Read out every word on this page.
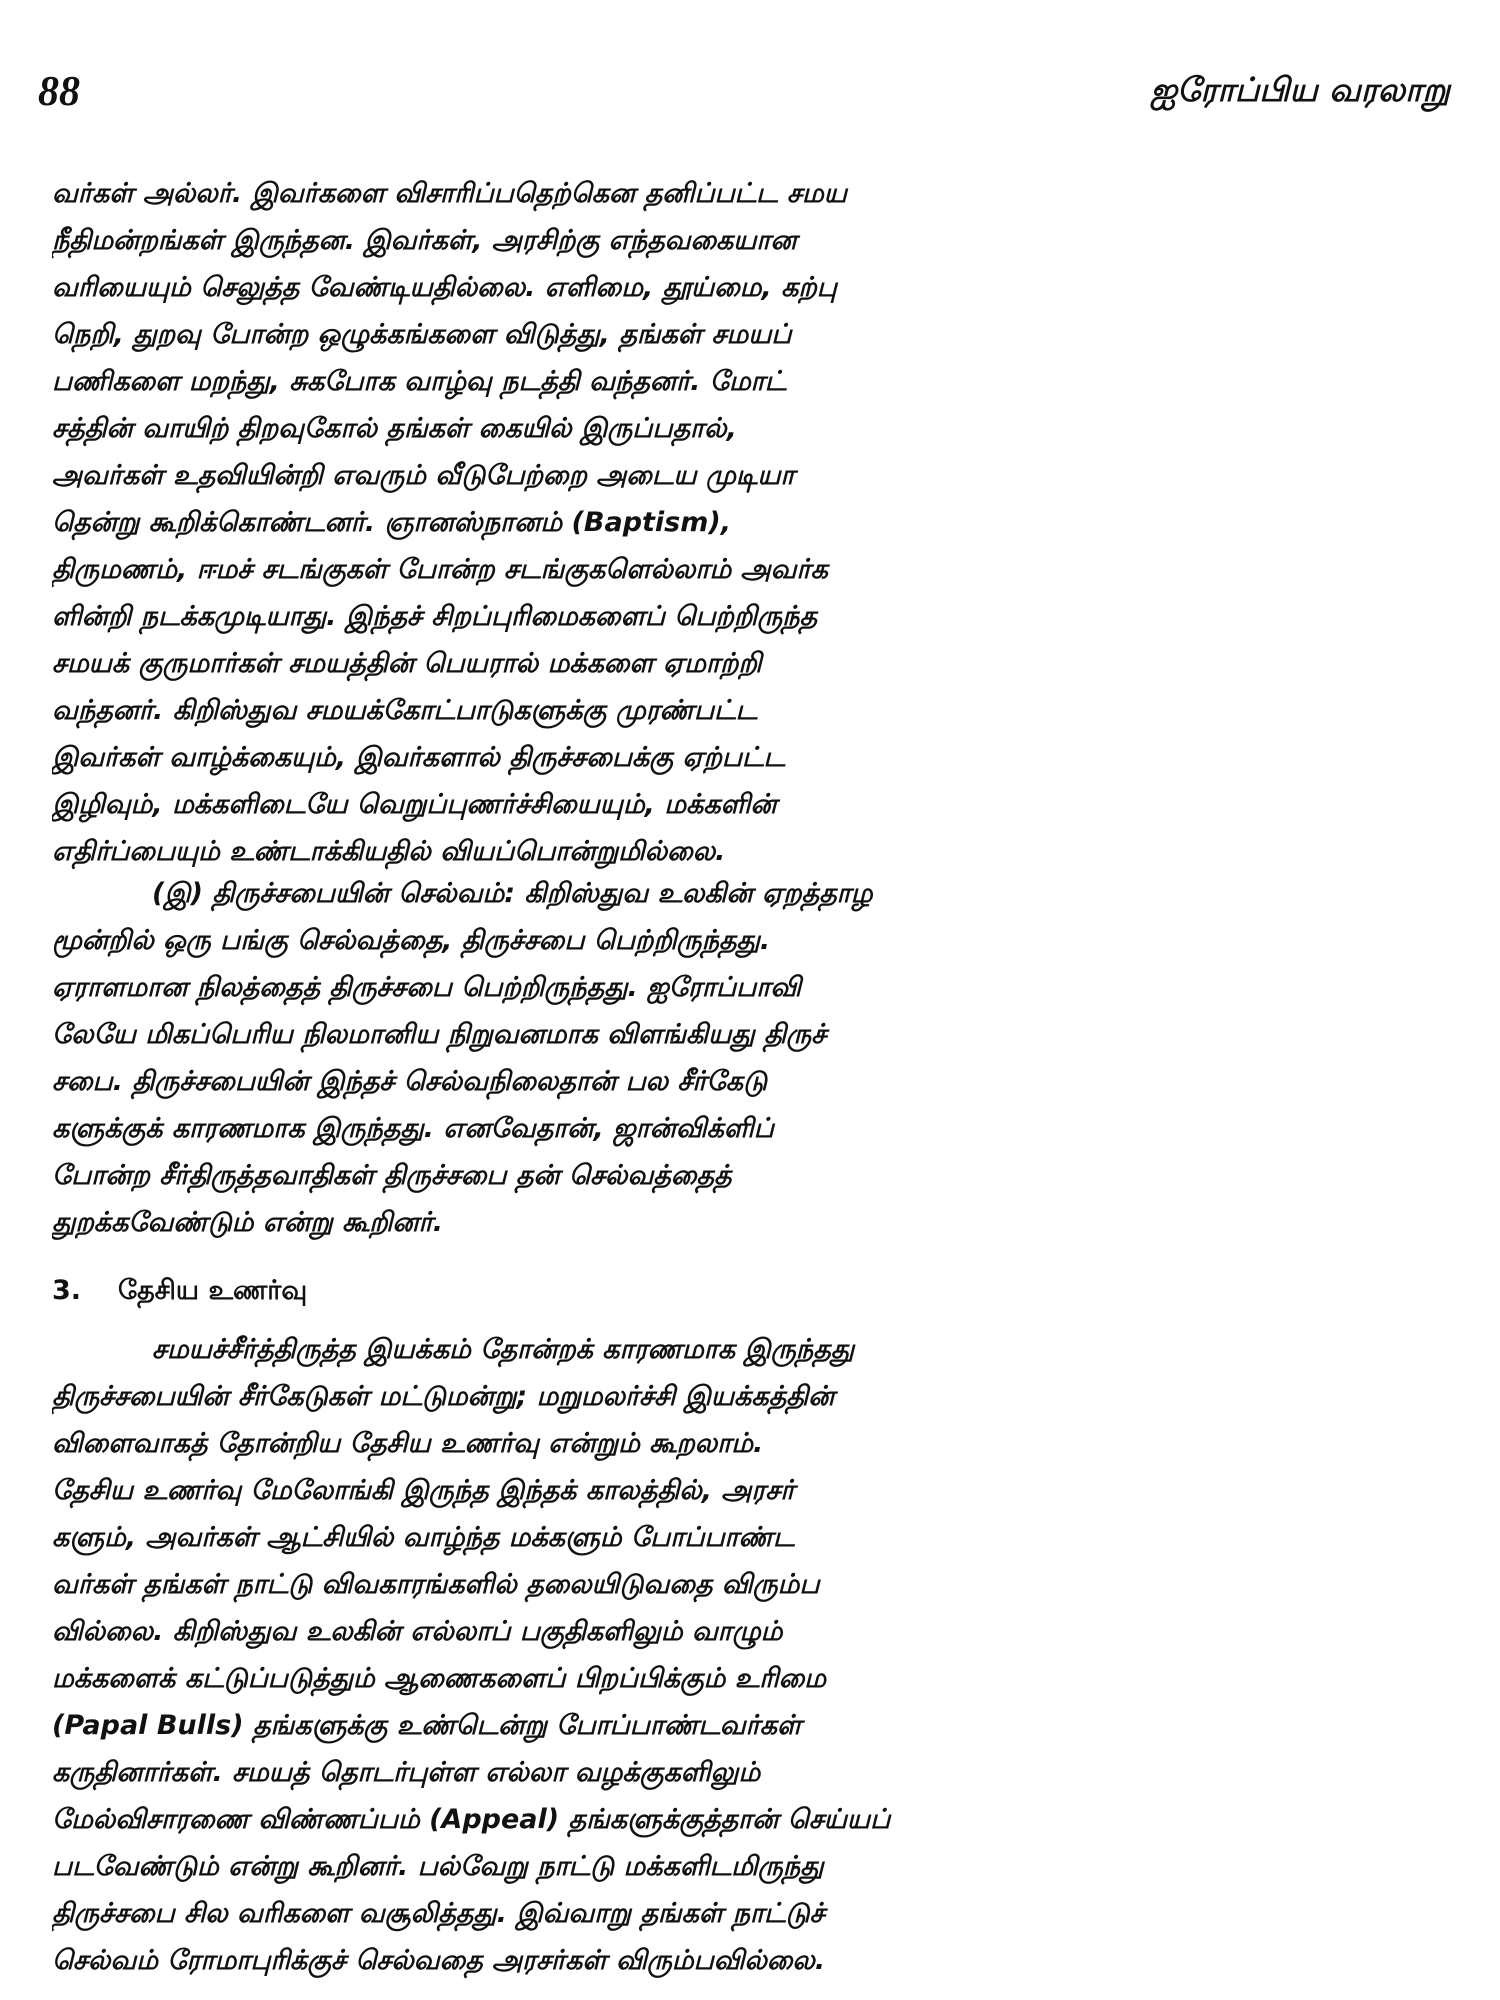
88	ஐரோப்பிய வரலாறு
வர்கள் அல்லர். இவர்களை விசாரிப்பதெற்கென தனிப்பட்ட சமய
நீதிமன்றங்கள் இருந்தன. இவர்கள், அரசிற்கு எந்தவகையான
வரியையும் செலுத்த வேண்டியதில்லை. எளிமை, தூய்மை, கற்பு
நெறி, துறவு போன்ற ஒழுக்கங்களை விடுத்து, தங்கள் சமயப்
பணிகளை மறந்து, சுகபோக வாழ்வு நடத்தி வந்தனர். மோட்
சத்தின் வாயிற் திறவுகோல் தங்கள் கையில் இருப்பதால்,
அவர்கள் உதவியின்றி எவரும் வீடுபேற்றை அடைய முடியா
தென்று கூறிக்கொண்டனர். ஞானஸ்நானம் (Baptism),
திருமணம், ஈமச் சடங்குகள் போன்ற சடங்குகளெல்லாம் அவர்க
ளின்றி நடக்கமுடியாது. இந்தச் சிறப்புரிமைகளைப் பெற்றிருந்த
சமயக் குருமார்கள் சமயத்தின் பெயரால் மக்களை ஏமாற்றி
வந்தனர். கிறிஸ்துவ சமயக்கோட்பாடுகளுக்கு முரண்பட்ட
இவர்கள் வாழ்க்கையும், இவர்களால் திருச்சபைக்கு ஏற்பட்ட
இழிவும், மக்களிடையே வெறுப்புணர்ச்சியையும், மக்களின்
எதிர்ப்பையும் உண்டாக்கியதில் வியப்பொன்றுமில்லை.
(இ) திருச்சபையின் செல்வம்: கிறிஸ்துவ உலகின் ஏறத்தாழ
மூன்றில் ஒரு பங்கு செல்வத்தை, திருச்சபை பெற்றிருந்தது.
ஏராளமான நிலத்தைத் திருச்சபை பெற்றிருந்தது. ஐரோப்பாவி
லேயே மிகப்பெரிய நிலமானிய நிறுவனமாக விளங்கியது திருச்
சபை. திருச்சபையின் இந்தச் செல்வநிலைதான் பல சீர்கேடு
களுக்குக் காரணமாக இருந்தது. எனவேதான், ஜான்விக்ளிப்
போன்ற சீர்திருத்தவாதிகள் திருச்சபை தன் செல்வத்தைத்
துறக்கவேண்டும் என்று கூறினர்.
3. தேசிய உணர்வு
சமயச்சீர்த்திருத்த இயக்கம் தோன்றக் காரணமாக இருந்தது
திருச்சபையின் சீர்கேடுகள் மட்டுமன்று; மறுமலர்ச்சி இயக்கத்தின்
விளைவாகத் தோன்றிய தேசிய உணர்வு என்றும் கூறலாம்.
தேசிய உணர்வு மேலோங்கி இருந்த இந்தக் காலத்தில், அரசர்
களும், அவர்கள் ஆட்சியில் வாழ்ந்த மக்களும் போப்பாண்ட
வர்கள் தங்கள் நாட்டு விவகாரங்களில் தலையிடுவதை விரும்ப
வில்லை. கிறிஸ்துவ உலகின் எல்லாப் பகுதிகளிலும் வாழும்
மக்களைக் கட்டுப்படுத்தும் ஆணைகளைப் பிறப்பிக்கும் உரிமை
(Papal Bulls) தங்களுக்கு உண்டென்று போப்பாண்டவர்கள்
கருதினார்கள். சமயத் தொடர்புள்ள எல்லா வழக்குகளிலும்
மேல்விசாரணை விண்ணப்பம் (Appeal) தங்களுக்குத்தான் செய்யப்
படவேண்டும் என்று கூறினர். பல்வேறு நாட்டு மக்களிடமிருந்து
திருச்சபை சில வரிகளை வசூலித்தது. இவ்வாறு தங்கள் நாட்டுச்
செல்வம் ரோமாபுரிக்குச் செல்வதை அரசர்கள் விரும்பவில்லை.
